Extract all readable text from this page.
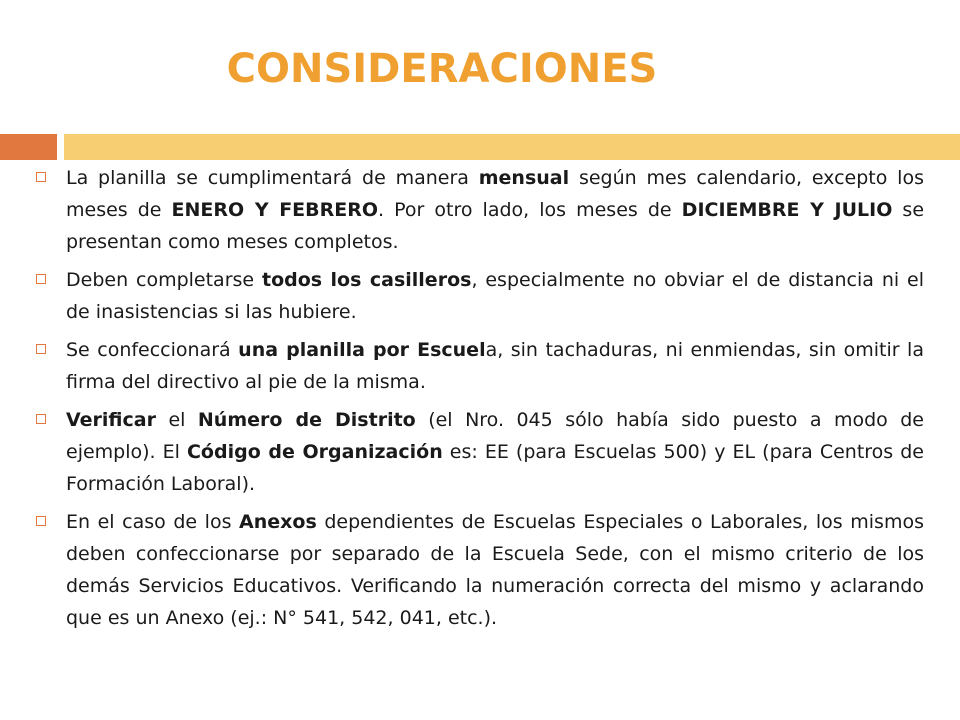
CONSIDERACIONES
La planilla se cumplimentará de manera mensual según mes calendario, excepto los meses de ENERO Y FEBRERO. Por otro lado, los meses de DICIEMBRE Y JULIO se presentan como meses completos.
Deben completarse todos los casilleros, especialmente no obviar el de distancia ni el de inasistencias si las hubiere.
Se confeccionará una planilla por Escuela, sin tachaduras, ni enmiendas, sin omitir la firma del directivo al pie de la misma.
Verificar el Número de Distrito (el Nro. 045 sólo había sido puesto a modo de ejemplo). El Código de Organización es: EE (para Escuelas 500) y EL (para Centros de Formación Laboral).
En el caso de los Anexos dependientes de Escuelas Especiales o Laborales, los mismos deben confeccionarse por separado de la Escuela Sede, con el mismo criterio de los demás Servicios Educativos. Verificando la numeración correcta del mismo y aclarando que es un Anexo (ej.: N° 541, 542, 041, etc.).
